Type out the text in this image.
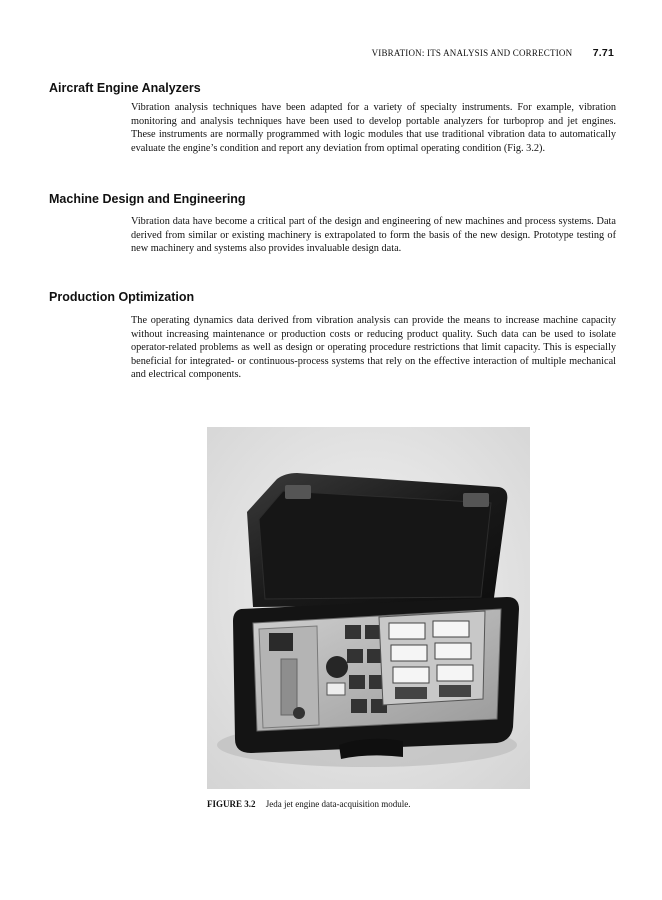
VIBRATION: ITS ANALYSIS AND CORRECTION 7.71
Aircraft Engine Analyzers

Vibration analysis techniques have been adapted for a variety of specialty instruments. For example, vibration monitoring and analysis techniques have been used to develop portable analyzers for turboprop and jet engines. These instruments are normally programmed with logic modules that use traditional vibration data to automatically evaluate the engine’s condition and report any deviation from optimal operating condition (Fig. 3.2).

Machine Design and Engineering

Vibration data have become a critical part of the design and engineering of new machines and process systems. Data derived from similar or existing machinery is extrapolated to form the basis of the new design. Prototype testing of new machinery and systems also provides invaluable design data.

Production Optimization

The operating dynamics data derived from vibration analysis can provide the means to increase machine capacity without increasing maintenance or production costs or reducing product quality. Such data can be used to isolate operator-related problems as well as design or operating procedure restrictions that limit capacity. This is especially beneficial for integrated- or continuous-process systems that rely on the effective interaction of multiple mechanical and electrical components.

FIGURE 3.2 Jeda jet engine data-acquisition module.
